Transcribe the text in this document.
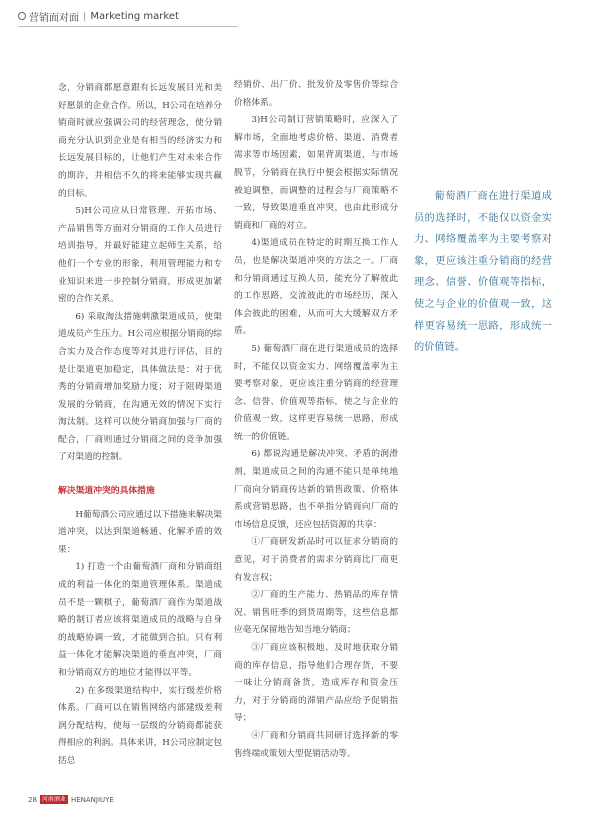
营销面对面 | Marketing market

念，分销商都愿意跟有长远发展目光和美好愿景的企业合作。所以，H公司在培养分销商时就应强调公司的经营理念，使分销商充分认识到企业是有相当的经济实力和长远发展目标的，让他们产生对未来合作的期许，并相信不久的将来能够实现共赢的目标。

5)H公司应从日常管理、开拓市场、产品销售等方面对分销商的工作人员进行培训指导，并最好能建立起师生关系，给他们一个专业的形象，利用管理能力和专业知识来进一步控制分销商，形成更加紧密的合作关系。

6) 采取淘汰措施刺激渠道成员，使渠道成员产生压力。H公司应根据分销商的综合实力及合作态度等对其进行评估，目的是让渠道更加稳定，具体做法是：对于优秀的分销商增加奖励力度；对于阻碍渠道发展的分销商，在沟通无效的情况下实行淘汰制。这样可以使分销商加强与厂商的配合，厂商则通过分销商之间的竞争加强了对渠道的控制。

解决渠道冲突的具体措施

H葡萄酒公司应通过以下措施来解决渠道冲突，以达到渠道畅通、化解矛盾的效果：

1) 打造一个由葡萄酒厂商和分销商组成的利益一体化的渠道管理体系。渠道成员不是一颗棋子，葡萄酒厂商作为渠道战略的制订者应该将渠道成员的战略与自身的战略协调一致，才能做到合拍。只有利益一体化才能解决渠道的垂直冲突，厂商和分销商双方的地位才能得以平等。

2) 在多级渠道结构中，实行级差价格体系。厂商可以在销售网络内部建级差利润分配结构，使每一层级的分销商都能获得相应的利润。具体来讲，H公司应制定包括总

经销价、出厂价、批发价及零售价等综合价格体系。

3)H公司制订营销策略时，应深入了解市场，全面地考虑价格、渠道、消费者需求等市场因素，如果背离渠道，与市场脱节，分销商在执行中便会根据实际情况被迫调整，而调整的过程会与厂商策略不一致，导致渠道垂直冲突，也由此形成分销商和厂商的对立。

4)渠道成员在特定的时期互换工作人员，也是解决渠道冲突的方法之一。厂商和分销商通过互换人员，能充分了解彼此的工作思路，交流彼此的市场经历，深入体会彼此的困难，从而可大大缓解双方矛盾。

5) 葡萄酒厂商在进行渠道成员的选择时，不能仅以资金实力、网络覆盖率为主要考察对象，更应该注重分销商的经营理念、信誉、价值观等指标，使之与企业的价值观一致，这样更容易统一思路，形成统一的价值链。

6) 都说沟通是解决冲突、矛盾的润滑剂，渠道成员之间的沟通不能只是单纯地厂商向分销商传达新的销售政策、价格体系或营销思路，也不单指分销商向厂商的市场信息反馈，还应包括资源的共享：

①厂商研发新品时可以征求分销商的意见，对于消费者的需求分销商比厂商更有发言权；

②厂商的生产能力、热销品的库存情况、销售旺季的到货周期等，这些信息都应毫无保留地告知当地分销商；

③厂商应该积极地、及时地获取分销商的库存信息，指导他们合理存货，不要一味让分销商备货，造成库存和资金压力，对于分销商的滞销产品应给予促销指导；

④厂商和分销商共同研讨选择新的零售终端或策划大型促销活动等。

葡萄酒厂商在进行渠道成员的选择时，不能仅以资金实力、网络覆盖率为主要考察对象，更应该注重分销商的经营理念、信誉、价值观等指标，使之与企业的价值观一致，这样更容易统一思路，形成统一的价值链。

28 河南酒业 HENANJIUYE
